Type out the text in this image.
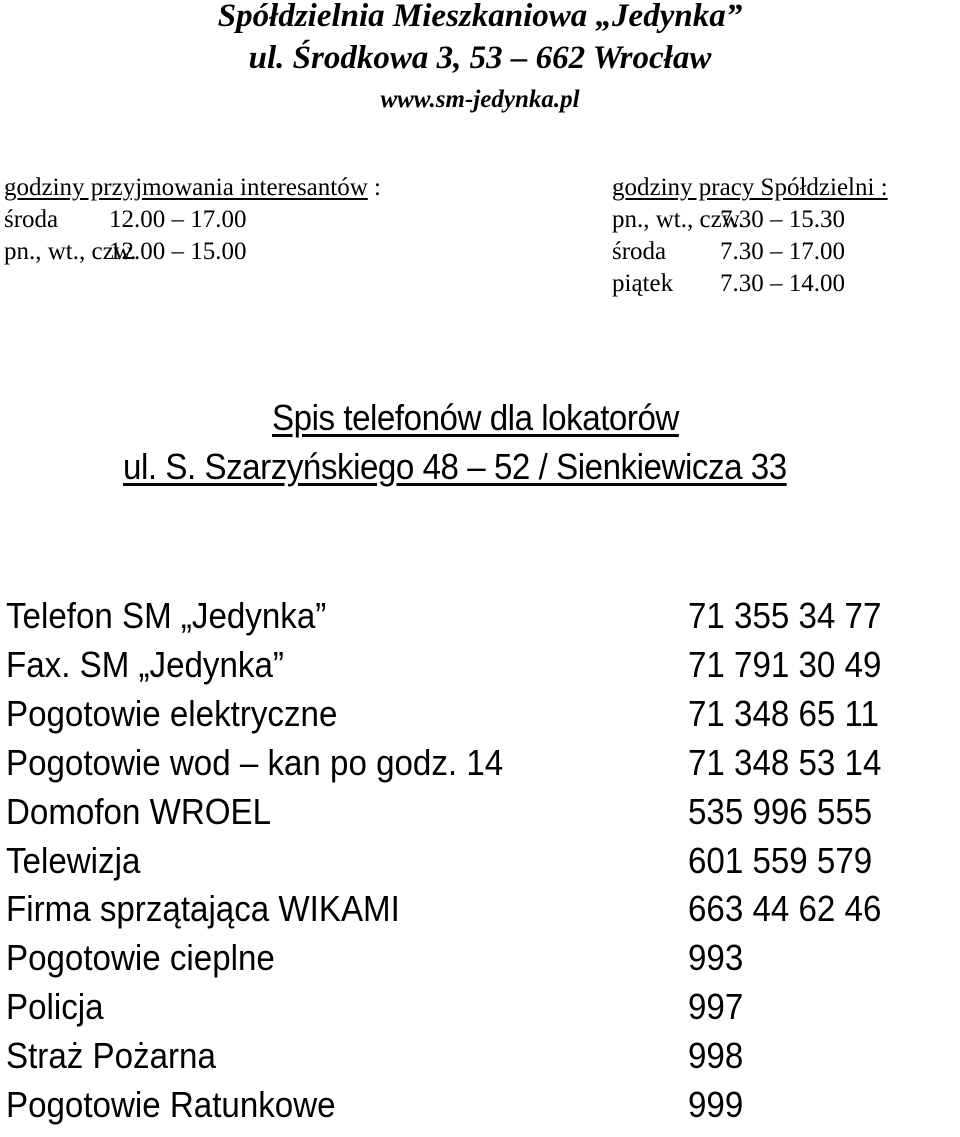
Spółdzielnia Mieszkaniowa „Jedynka”
ul. Środkowa 3, 53 – 662 Wrocław
www.sm-jedynka.pl
godziny przyjmowania interesantów :
środa 12.00 – 17.00
pn., wt., czw.12.00 – 15.00
godziny pracy Spółdzielni :
pn., wt., czw.7.30 – 15.30
środa 7.30 – 17.00
piątek 7.30 – 14.00
Spis telefonów dla lokatorów
ul. S. Szarzyńskiego 48 – 52 / Sienkiewicza 33
Telefon SM „Jedynka”	71 355 34 77
Fax. SM „Jedynka”	71 791 30 49
Pogotowie elektryczne	71 348 65 11
Pogotowie wod – kan po godz. 14	71 348 53 14
Domofon WROEL	535 996 555
Telewizja	601 559 579
Firma sprzątająca WIKAMI	663 44 62 46
Pogotowie cieplne	993
Policja	997
Straż Pożarna	998
Pogotowie Ratunkowe	999
